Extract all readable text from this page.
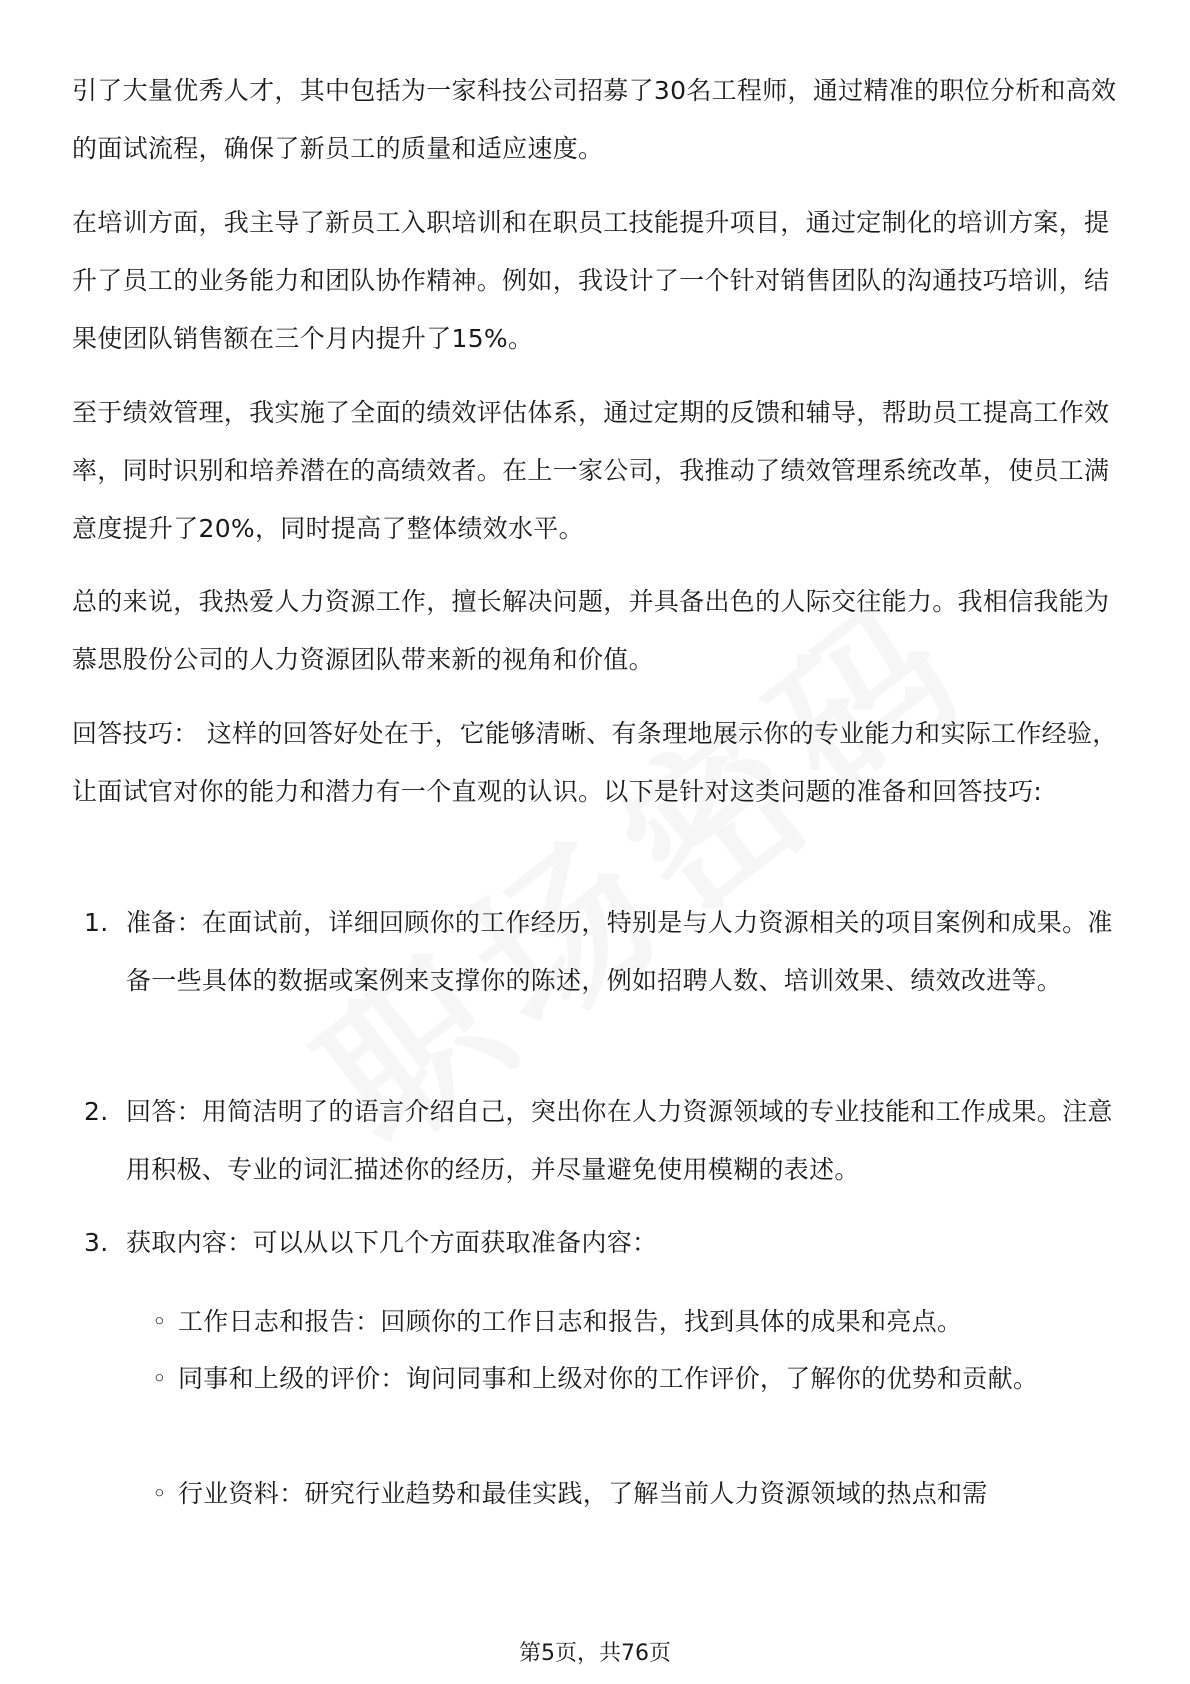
引了大量优秀人才，其中包括为一家科技公司招募了30名工程师，通过精准的职位分析和高效的面试流程，确保了新员工的质量和适应速度。

在培训方面，我主导了新员工入职培训和在职员工技能提升项目，通过定制化的培训方案，提升了员工的业务能力和团队协作精神。例如，我设计了一个针对销售团队的沟通技巧培训，结果使团队销售额在三个月内提升了15%。

至于绩效管理，我实施了全面的绩效评估体系，通过定期的反馈和辅导，帮助员工提高工作效率，同时识别和培养潜在的高绩效者。在上一家公司，我推动了绩效管理系统改革，使员工满意度提升了20%，同时提高了整体绩效水平。

总的来说，我热爱人力资源工作，擅长解决问题，并具备出色的人际交往能力。我相信我能为慕思股份公司的人力资源团队带来新的视角和价值。

回答技巧： 这样的回答好处在于，它能够清晰、有条理地展示你的专业能力和实际工作经验，让面试官对你的能力和潜力有一个直观的认识。以下是针对这类问题的准备和回答技巧:

1. 准备：在面试前，详细回顾你的工作经历，特别是与人力资源相关的项目案例和成果。准备一些具体的数据或案例来支撑你的陈述，例如招聘人数、培训效果、绩效改进等。
2. 回答：用简洁明了的语言介绍自己，突出你在人力资源领域的专业技能和工作成果。注意用积极、专业的词汇描述你的经历，并尽量避免使用模糊的表述。
3. 获取内容：可以从以下几个方面获取准备内容：
◦ 工作日志和报告：回顾你的工作日志和报告，找到具体的成果和亮点。
◦ 同事和上级的评价：询问同事和上级对你的工作评价，了解你的优势和贡献。
◦ 行业资料：研究行业趋势和最佳实践，了解当前人力资源领域的热点和需
第5页，共76页
